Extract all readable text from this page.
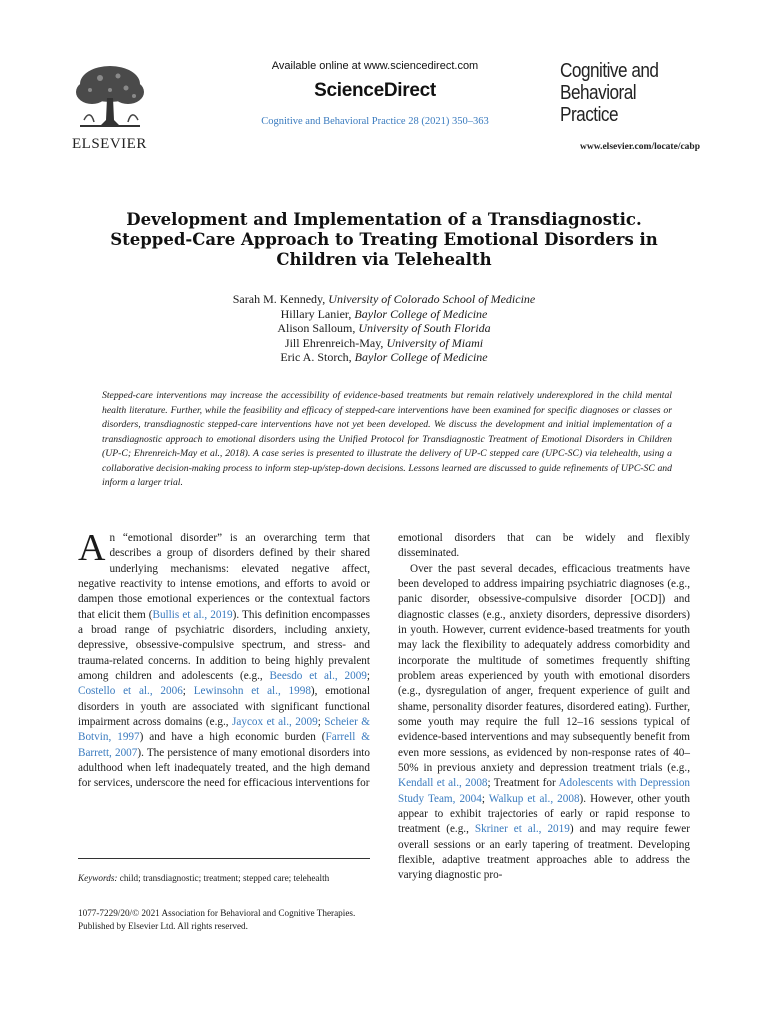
ELSEVIER
Available online at www.sciencedirect.com
ScienceDirect
Cognitive and Behavioral Practice 28 (2021) 350–363
Cognitive and
Behavioral
Practice
www.elsevier.com/locate/cabp
Development and Implementation of a Transdiagnostic.
Stepped-Care Approach to Treating Emotional Disorders in
Children via Telehealth
Sarah M. Kennedy, University of Colorado School of Medicine
Hillary Lanier, Baylor College of Medicine
Alison Salloum, University of South Florida
Jill Ehrenreich-May, University of Miami
Eric A. Storch, Baylor College of Medicine
Stepped-care interventions may increase the accessibility of evidence-based treatments but remain relatively underexplored in the child mental health literature. Further, while the feasibility and efficacy of stepped-care interventions have been examined for specific diagnoses or classes or disorders, transdiagnostic stepped-care interventions have not yet been developed. We discuss the development and initial implementation of a transdiagnostic approach to emotional disorders using the Unified Protocol for Transdiagnostic Treatment of Emotional Disorders in Children (UP-C; Ehrenreich-May et al., 2018). A case series is presented to illustrate the delivery of UP-C stepped care (UPC-SC) via telehealth, using a collaborative decision-making process to inform step-up/step-down decisions. Lessons learned are discussed to guide refinements of UPC-SC and inform a larger trial.

An “emotional disorder” is an overarching term that describes a group of disorders defined by their shared underlying mechanisms: elevated negative affect, negative reactivity to intense emotions, and efforts to avoid or dampen those emotional experiences or the contextual factors that elicit them (Bullis et al., 2019). This definition encompasses a broad range of psychiatric disorders, including anxiety, depressive, obsessive-compulsive spectrum, and stress- and trauma-related concerns. In addition to being highly prevalent among children and adolescents (e.g., Beesdo et al., 2009; Costello et al., 2006; Lewinsohn et al., 1998), emotional disorders in youth are associated with significant functional impairment across domains (e.g., Jaycox et al., 2009; Scheier & Botvin, 1997) and have a high economic burden (Farrell & Barrett, 2007). The persistence of many emotional disorders into adulthood when left inadequately treated, and the high demand for services, underscore the need for efficacious interventions for

emotional disorders that can be widely and flexibly disseminated.

Over the past several decades, efficacious treatments have been developed to address impairing psychiatric diagnoses (e.g., panic disorder, obsessive-compulsive disorder [OCD]) and diagnostic classes (e.g., anxiety disorders, depressive disorders) in youth. However, current evidence-based treatments for youth may lack the flexibility to adequately address comorbidity and incorporate the multitude of sometimes frequently shifting problem areas experienced by youth with emotional disorders (e.g., dysregulation of anger, frequent experience of guilt and shame, personality disorder features, disordered eating). Further, some youth may require the full 12–16 sessions typical of evidence-based interventions and may subsequently benefit from even more sessions, as evidenced by non-response rates of 40–50% in previous anxiety and depression treatment trials (e.g., Kendall et al., 2008; Treatment for Adolescents with Depression Study Team, 2004; Walkup et al., 2008). However, other youth appear to exhibit trajectories of early or rapid response to treatment (e.g., Skriner et al., 2019) and may require fewer overall sessions or an early tapering of treatment. Developing flexible, adaptive treatment approaches able to address the varying diagnostic pro-

Keywords: child; transdiagnostic; treatment; stepped care; telehealth
1077-7229/20/© 2021 Association for Behavioral and Cognitive Therapies. Published by Elsevier Ltd. All rights reserved.
